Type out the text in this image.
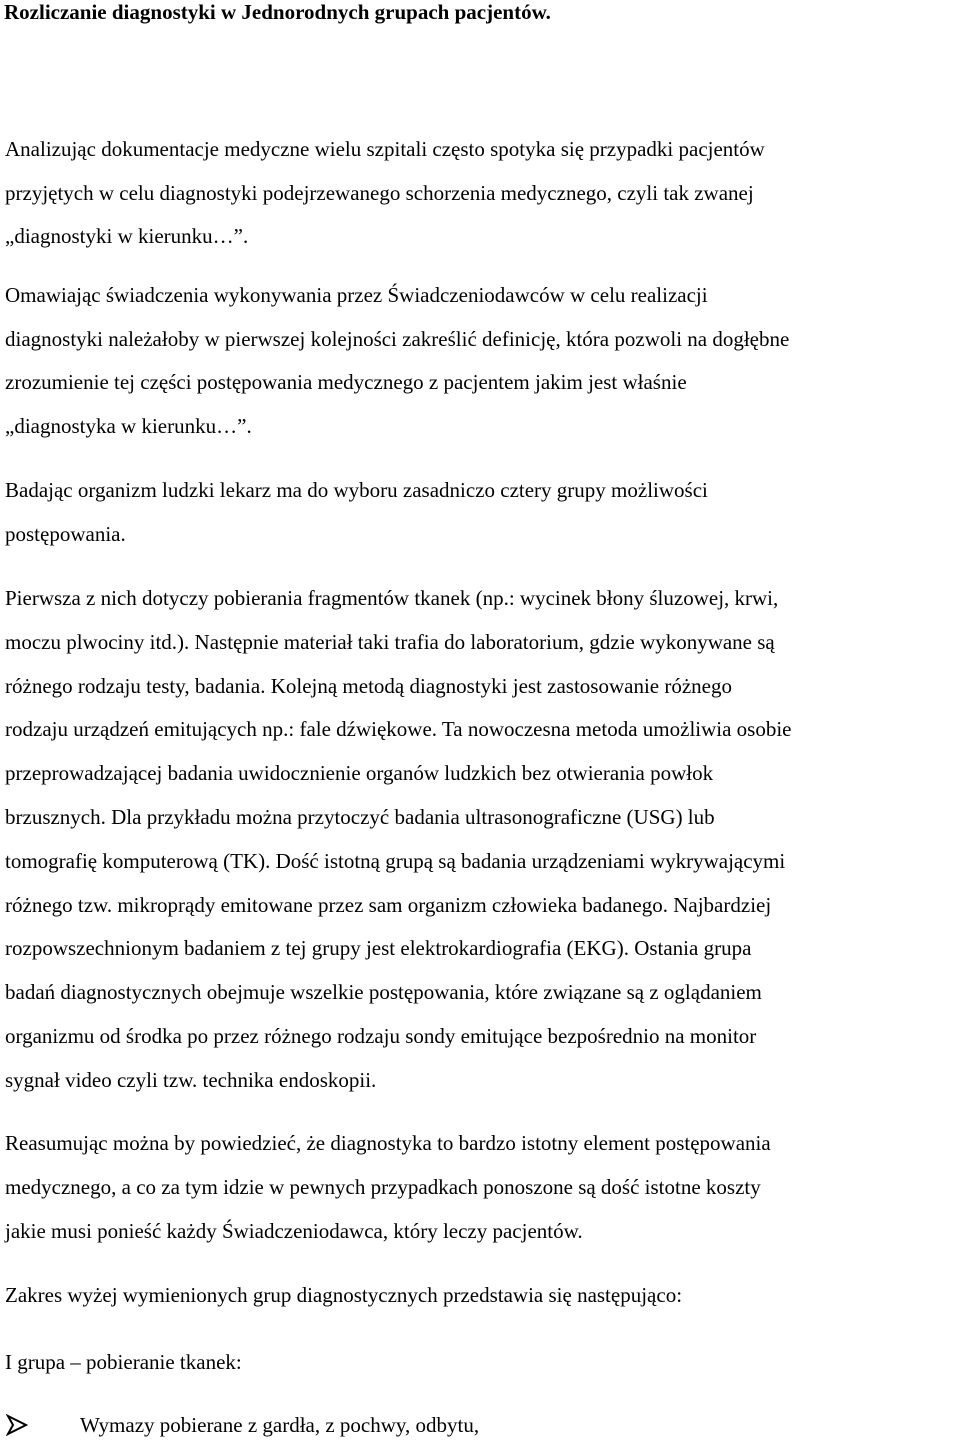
Rozliczanie diagnostyki w Jednorodnych grupach pacjentów.
Analizując dokumentacje medyczne wielu szpitali często spotyka się przypadki pacjentów
przyjętych w celu diagnostyki podejrzewanego schorzenia medycznego, czyli tak zwanej
„diagnostyki w kierunku…”.
Omawiając świadczenia wykonywania przez Świadczeniodawców w celu realizacji
diagnostyki należałoby w pierwszej kolejności zakreślić definicję, która pozwoli na dogłębne
zrozumienie tej części postępowania medycznego z pacjentem jakim jest właśnie
„diagnostyka w kierunku…”.
Badając organizm ludzki lekarz ma do wyboru zasadniczo cztery grupy możliwości
postępowania.
Pierwsza z nich dotyczy pobierania fragmentów tkanek (np.: wycinek błony śluzowej, krwi,
moczu plwociny itd.). Następnie materiał taki trafia do laboratorium, gdzie wykonywane są
różnego rodzaju testy, badania. Kolejną metodą diagnostyki jest zastosowanie różnego
rodzaju urządzeń emitujących np.: fale dźwiękowe. Ta nowoczesna metoda umożliwia osobie
przeprowadzającej badania uwidocznienie organów ludzkich bez otwierania powłok
brzusznych. Dla przykładu można przytoczyć badania ultrasonograficzne (USG) lub
tomografię komputerową (TK). Dość istotną grupą są badania urządzeniami wykrywającymi
różnego tzw. mikroprądy emitowane przez sam organizm człowieka badanego. Najbardziej
rozpowszechnionym badaniem z tej grupy jest elektrokardiografia (EKG). Ostania grupa
badań diagnostycznych obejmuje wszelkie postępowania, które związane są z oglądaniem
organizmu od środka po przez różnego rodzaju sondy emitujące bezpośrednio na monitor
sygnał video czyli tzw. technika endoskopii.
Reasumując można by powiedzieć, że diagnostyka to bardzo istotny element postępowania
medycznego, a co za tym idzie w pewnych przypadkach ponoszone są dość istotne koszty
jakie musi ponieść każdy Świadczeniodawca, który leczy pacjentów.
Zakres wyżej wymienionych grup diagnostycznych przedstawia się następująco:
I grupa – pobieranie tkanek:
Wymazy pobierane z gardła, z pochwy, odbytu,
